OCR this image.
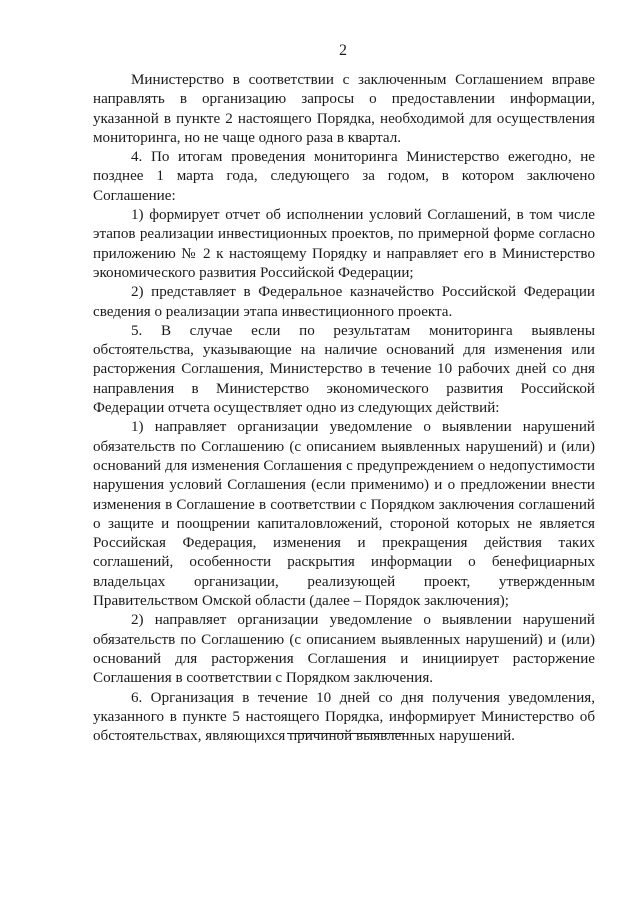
2

Министерство в соответствии с заключенным Соглашением вправе направлять в организацию запросы о предоставлении информации, указанной в пункте 2 настоящего Порядка, необходимой для осуществления мониторинга, но не чаще одного раза в квартал.

4. По итогам проведения мониторинга Министерство ежегодно, не позднее 1 марта года, следующего за годом, в котором заключено Соглашение:

1) формирует отчет об исполнении условий Соглашений, в том числе этапов реализации инвестиционных проектов, по примерной форме согласно приложению № 2 к настоящему Порядку и направляет его в Министерство экономического развития Российской Федерации;

2) представляет в Федеральное казначейство Российской Федерации сведения о реализации этапа инвестиционного проекта.

5. В случае если по результатам мониторинга выявлены обстоятельства, указывающие на наличие оснований для изменения или расторжения Соглашения, Министерство в течение 10 рабочих дней со дня направления в Министерство экономического развития Российской Федерации отчета осуществляет одно из следующих действий:

1) направляет организации уведомление о выявлении нарушений обязательств по Соглашению (с описанием выявленных нарушений) и (или) оснований для изменения Соглашения с предупреждением о недопустимости нарушения условий Соглашения (если применимо) и о предложении внести изменения в Соглашение в соответствии с Порядком заключения соглашений о защите и поощрении капиталовложений, стороной которых не является Российская Федерация, изменения и прекращения действия таких соглашений, особенности раскрытия информации о бенефициарных владельцах организации, реализующей проект, утвержденным Правительством Омской области (далее – Порядок заключения);

2) направляет организации уведомление о выявлении нарушений обязательств по Соглашению (с описанием выявленных нарушений) и (или) оснований для расторжения Соглашения и инициирует расторжение Соглашения в соответствии с Порядком заключения.

6. Организация в течение 10 дней со дня получения уведомления, указанного в пункте 5 настоящего Порядка, информирует Министерство об обстоятельствах, являющихся причиной выявленных нарушений.
